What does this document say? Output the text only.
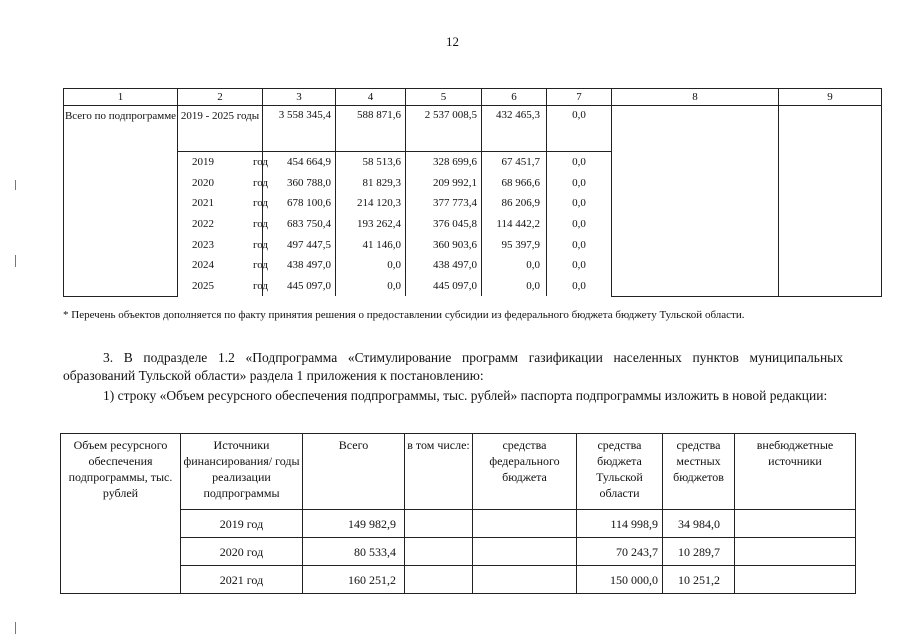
12
1	2	3	4	5	6	7	8	9
Всего по подпрограмме	2019 - 2025 годы	3 558 345,4	588 871,6	2 537 008,5	432 465,3	0,0		
	2019 год	454 664,9	58 513,6	328 699,6	67 451,7	0,0		
	2020 год	360 788,0	81 829,3	209 992,1	68 966,6	0,0		
	2021 год	678 100,6	214 120,3	377 773,4	86 206,9	0,0		
	2022 год	683 750,4	193 262,4	376 045,8	114 442,2	0,0		
	2023 год	497 447,5	41 146,0	360 903,6	95 397,9	0,0		
	2024 год	438 497,0	0,0	438 497,0	0,0	0,0		
	2025 год	445 097,0	0,0	445 097,0	0,0	0,0		
* Перечень объектов дополняется по факту принятия решения о предоставлении субсидии из федерального бюджета бюджету Тульской области.
3. В подразделе 1.2 «Подпрограмма «Стимулирование программ газификации населенных пунктов муниципальных образований Тульской области» раздела 1 приложения к постановлению:
1) строку «Объем ресурсного обеспечения подпрограммы, тыс. рублей» паспорта подпрограммы изложить в новой редакции:
Объем ресурсного обеспечения подпрограммы, тыс. рублей	Источники финансирования/ годы реализации подпрограммы	Всего	в том числе:	средства федерального бюджета	средства бюджета Тульской области	средства местных бюджетов	внебюджетные источники
	2019 год	149 982,9			114 998,9	34 984,0	
	2020 год	80 533,4			70 243,7	10 289,7	
	2021 год	160 251,2			150 000,0	10 251,2	
